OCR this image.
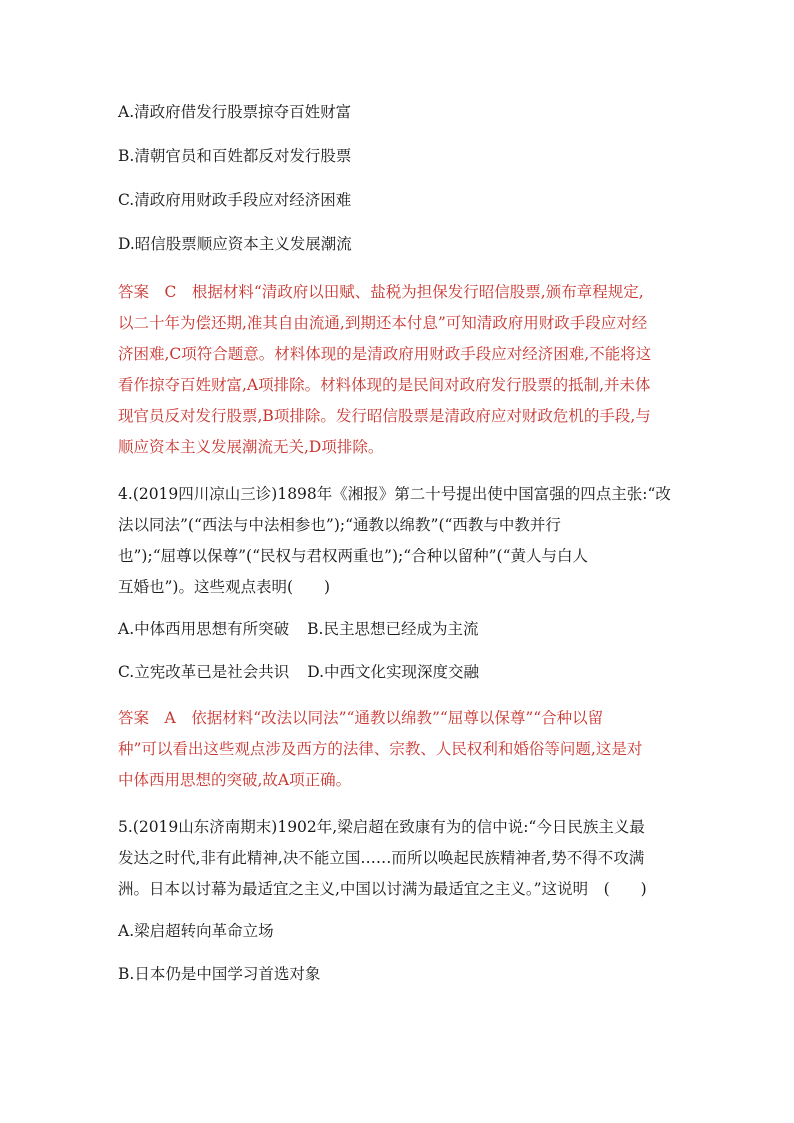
A.清政府借发行股票掠夺百姓财富
B.清朝官员和百姓都反对发行股票
C.清政府用财政手段应对经济困难
D.昭信股票顺应资本主义发展潮流
答案　C　根据材料“清政府以田赋、盐税为担保发行昭信股票,颁布章程规定,
以二十年为偿还期,准其自由流通,到期还本付息”可知清政府用财政手段应对经
济困难,C项符合题意。材料体现的是清政府用财政手段应对经济困难,不能将这
看作掠夺百姓财富,A项排除。材料体现的是民间对政府发行股票的抵制,并未体
现官员反对发行股票,B项排除。发行昭信股票是清政府应对财政危机的手段,与
顺应资本主义发展潮流无关,D项排除。
4.(2019四川凉山三诊)1898年《湘报》第二十号提出使中国富强的四点主张:“改
法以同法”(“西法与中法相参也”);“通教以绵教”(“西教与中教并行
也”);“屈尊以保尊”(“民权与君权两重也”);“合种以留种”(“黄人与白人
互婚也”)。这些观点表明(　　)
A.中体西用思想有所突破 B.民主思想已经成为主流
C.立宪改革已是社会共识 D.中西文化实现深度交融
答案　A　依据材料“改法以同法”“通教以绵教”“屈尊以保尊”“合种以留
种”可以看出这些观点涉及西方的法律、宗教、人民权利和婚俗等问题,这是对
中体西用思想的突破,故A项正确。
5.(2019山东济南期末)1902年,梁启超在致康有为的信中说:“今日民族主义最
发达之时代,非有此精神,决不能立国……而所以唤起民族精神者,势不得不攻满
洲。日本以讨幕为最适宜之主义,中国以讨满为最适宜之主义。”这说明　(　　)
A.梁启超转向革命立场
B.日本仍是中国学习首选对象
